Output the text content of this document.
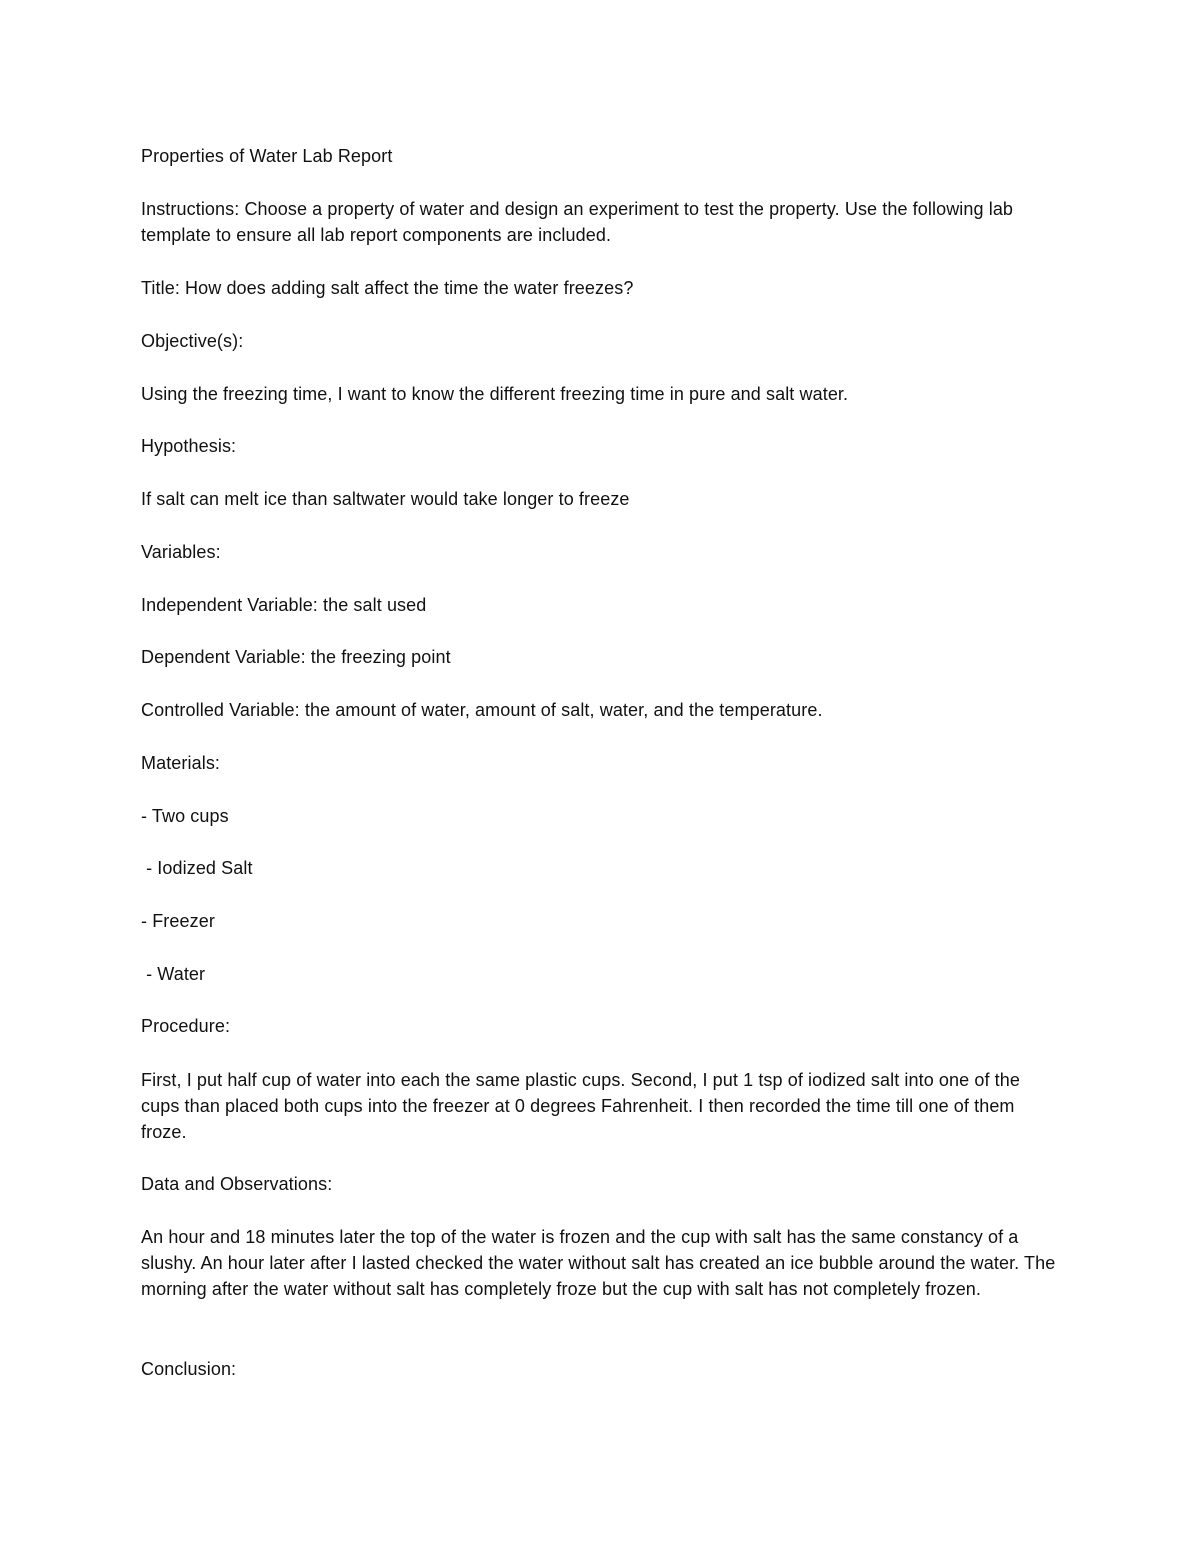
Properties of Water Lab Report

Instructions: Choose a property of water and design an experiment to test the property. Use the following lab template to ensure all lab report components are included.

Title: How does adding salt affect the time the water freezes?

Objective(s):

Using the freezing time, I want to know the different freezing time in pure and salt water.

Hypothesis:

If salt can melt ice than saltwater would take longer to freeze

Variables:

Independent Variable: the salt used

Dependent Variable: the freezing point

Controlled Variable: the amount of water, amount of salt, water, and the temperature.

Materials:

- Two cups

- Iodized Salt

- Freezer

- Water

Procedure:

First, I put half cup of water into each the same plastic cups. Second, I put 1 tsp of iodized salt into one of the cups than placed both cups into the freezer at 0 degrees Fahrenheit. I then recorded the time till one of them froze.

Data and Observations:

An hour and 18 minutes later the top of the water is frozen and the cup with salt has the same constancy of a slushy. An hour later after I lasted checked the water without salt has created an ice bubble around the water. The morning after the water without salt has completely froze but the cup with salt has not completely frozen.

Conclusion:
